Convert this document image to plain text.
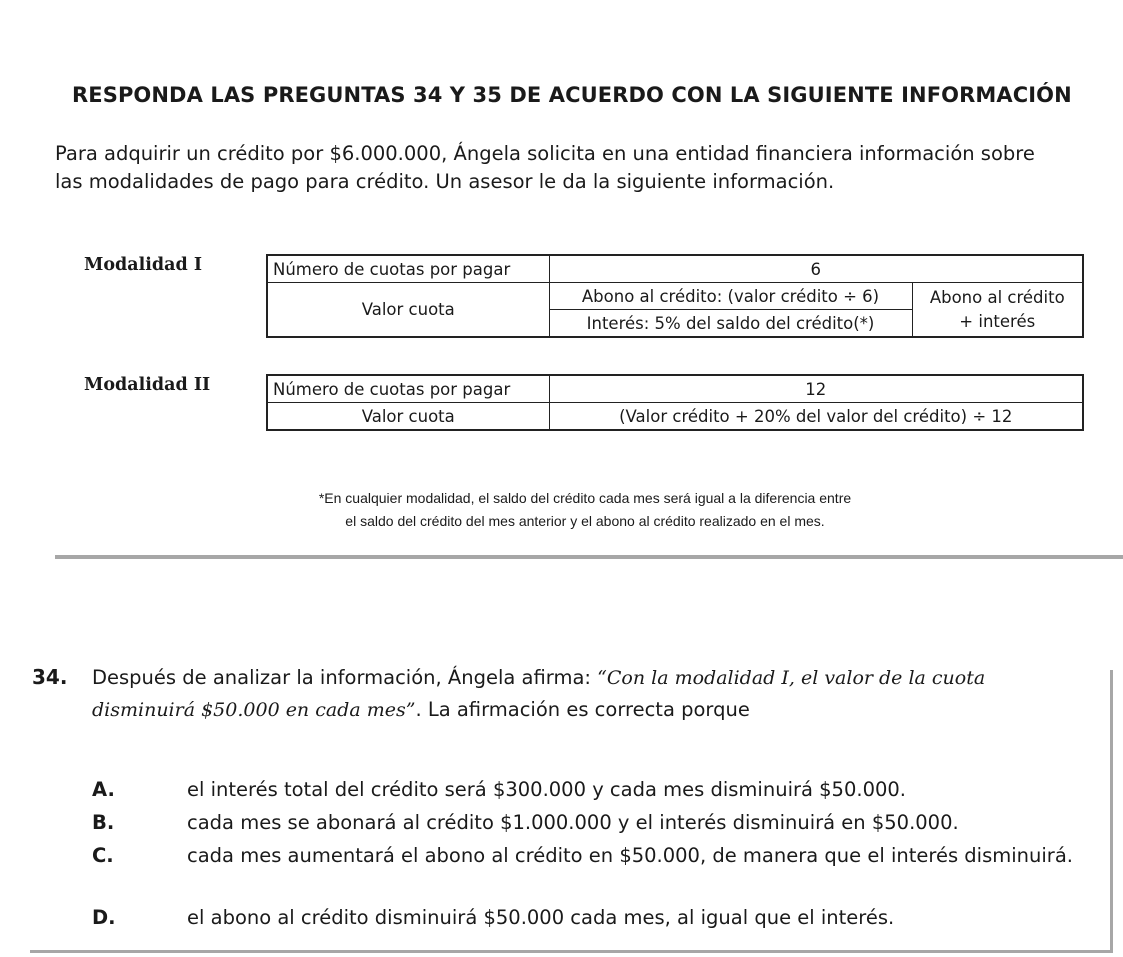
RESPONDA LAS PREGUNTAS 34 Y 35 DE ACUERDO CON LA SIGUIENTE INFORMACIÓN

Para adquirir un crédito por $6.000.000, Ángela solicita en una entidad financiera información sobre

las modalidades de pago para crédito. Un asesor le da la siguiente información.

Modalidad I	Número de cuotas por pagar	6	
Valor cuota	Abono al crédito: (valor crédito ÷ 6)	Abono al crédito
+ interés

	Interés: 5% del saldo del crédito(*)	
Modalidad II	Número de cuotas por pagar	12
Valor cuota	(Valor crédito + 20% del valor del crédito) ÷ 12

*En cualquier modalidad, el saldo del crédito cada mes será igual a la diferencia entre

el saldo del crédito del mes anterior y el abono al crédito realizado en el mes.

34. Después de analizar la información, Ángela afirma: “Con la modalidad I, el valor de la cuota

disminuirá $50.000 en cada mes”. La afirmación es correcta porque

A.	el interés total del crédito será $300.000 y cada mes disminuirá $50.000.
B.	cada mes se abonará al crédito $1.000.000 y el interés disminuirá en $50.000.
C.	cada mes aumentará el abono al crédito en $50.000, de manera que el interés disminuirá.
D.	el abono al crédito disminuirá $50.000 cada mes, al igual que el interés.
